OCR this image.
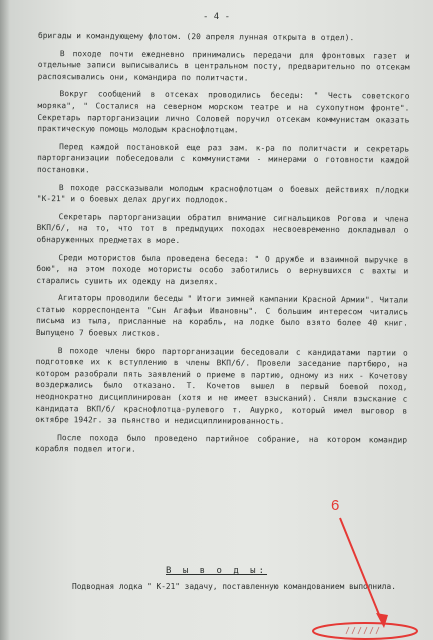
- 4 -

бригады и командующему флотом. (20 апреля лунная открыта в отдел).

В походе почти ежедневно принимались передачи для фронтовых газет и отдельные записи выписывались в центральном посту, предварительно по отсекам распоясывались они, командира по политчасти.

Вокруг сообщений в отсеках проводились беседы: " Честь советского моряка", " Состалися на северном морском театре и на сухопутном фронте". Секретарь парторганизации лично Соловей поручил отсекам коммунистам оказать практическую помощь молодым краснофлотцам.

Перед каждой постановкой еще раз зам. к-ра по политчасти и секретарь парторганизации побеседовали с коммунистами - минерами о готовности каждой постановки.

В походе рассказывали молодым краснофлотцам о боевых действиях п/лодки "К-21" и о боевых делах других подлодок.

Секретарь парторганизации обратил внимание сигнальщиков Рогова и члена ВКП/б/, на то, что тот в предыдущих походах несвоевременно докладывал о обнаруженных предметах в море.

Среди мотористов была проведена беседа: " О дружбе и взаимной выручке в бою", на этом походе мотористы особо заботились о вернувшихся с вахты и старались сушить их одежду на дизелях.

Агитаторы проводили беседы " Итоги зимней кампании Красной Армии". Читали статью корреспондента "Сын Агафьи Ивановны". С большим интересом читались письма из тыла, присланные на корабль, на лодке было взято более 40 книг. Выпущено 7 боевых листков.

В походе члены бюро парторганизации беседовали с кандидатами партии о подготовке их к вступлению в члены ВКП/б/. Провели заседание партбюро, на котором разобрали пять заявлений о приеме в партию, одному из них - Кочетову воздержались было отказано. Т. Кочетов вышел в первый боевой поход, неоднократно дисциплинирован (хотя и не имеет взысканий). Сняли взыскание с кандидата ВКП/б/ краснофлотца-рулевого т. Ашурко, который имел выговор в октябре 1942г. за пьянство и недисциплинированность.

После похода было проведено партийное собрание, на котором командир корабля подвел итоги.

В ы в о д ы:
Подводная лодка " К-21" задачу, поставленную командованием выполнила.
6
